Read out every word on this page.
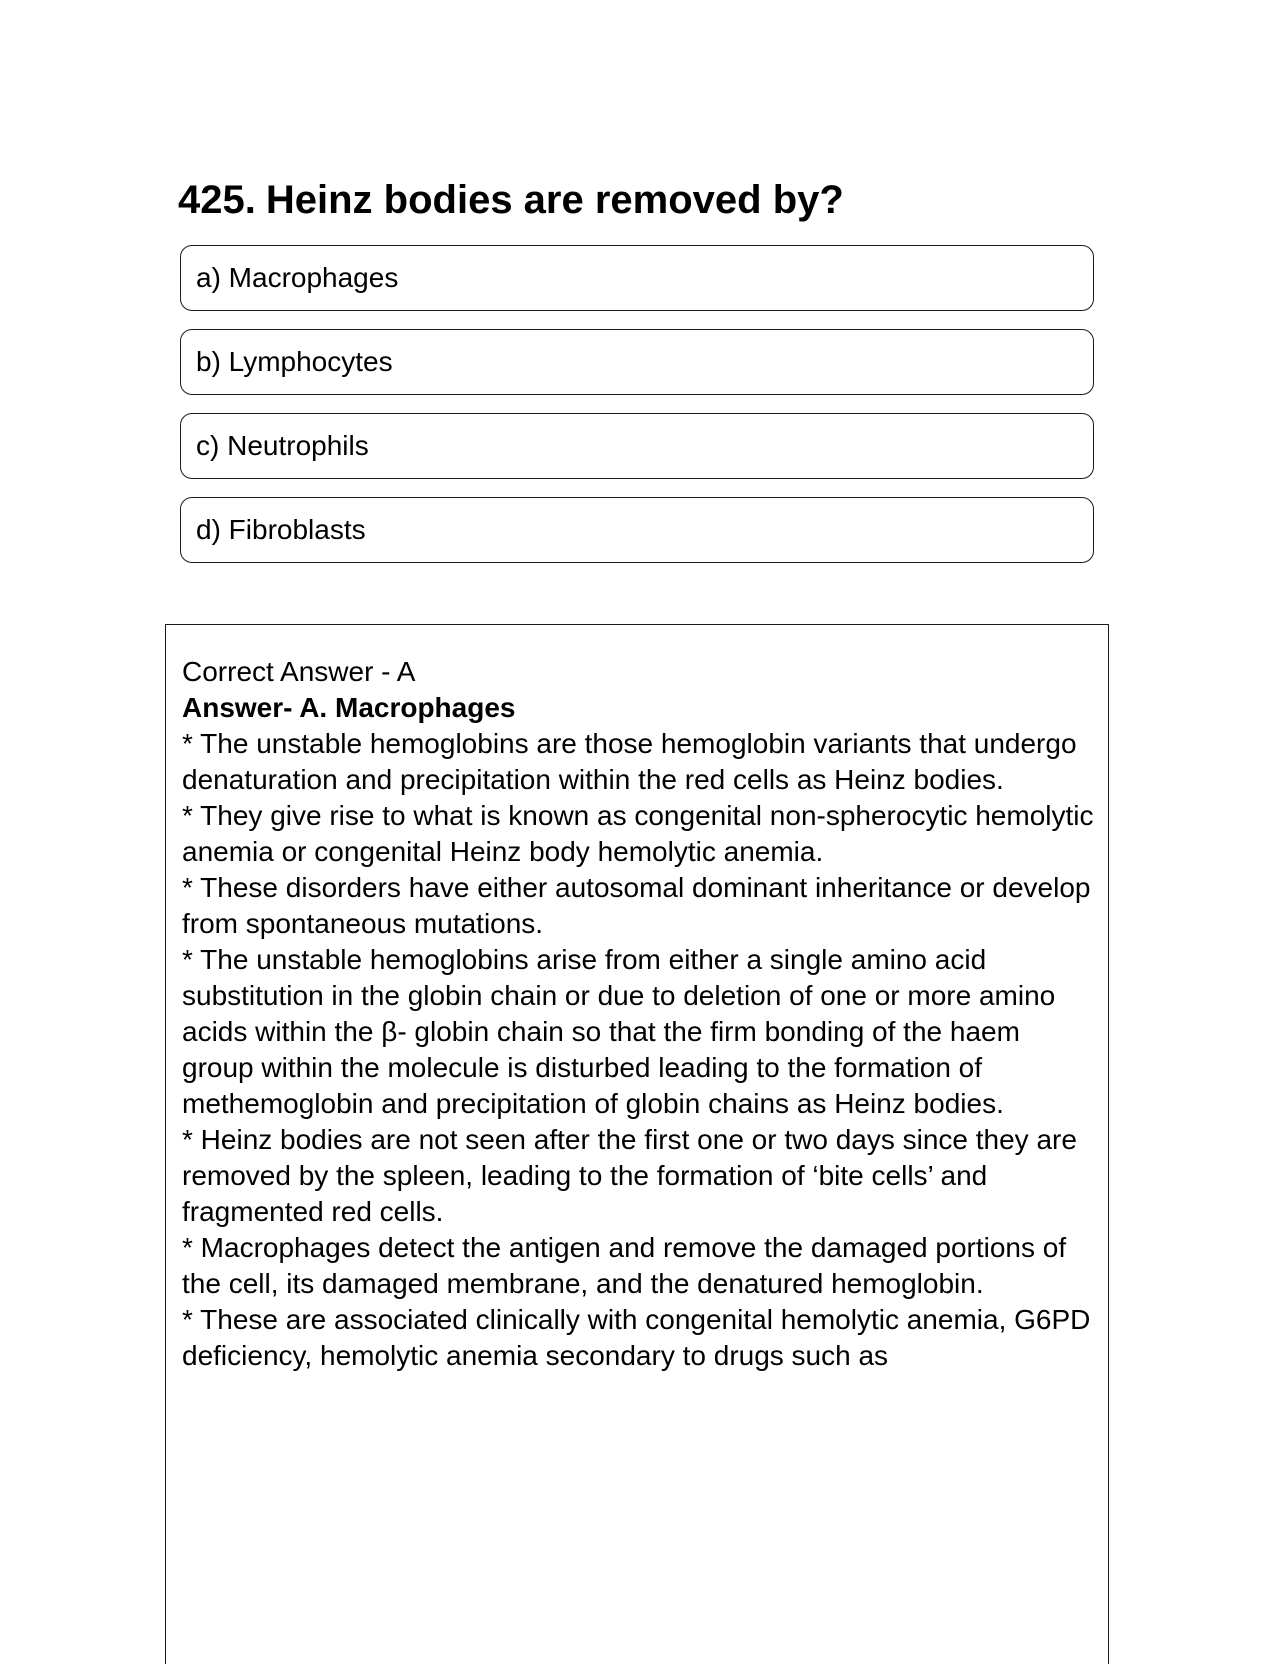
425. Heinz bodies are removed by?
a) Macrophages
b) Lymphocytes
c) Neutrophils
d) Fibroblasts

Correct Answer - A

Answer- A. Macrophages

* The unstable hemoglobins are those hemoglobin variants that undergo denaturation and precipitation within the red cells as Heinz bodies.

* They give rise to what is known as congenital non-spherocytic hemolytic anemia or congenital Heinz body hemolytic anemia.

* These disorders have either autosomal dominant inheritance or develop from spontaneous mutations.

* The unstable hemoglobins arise from either a single amino acid substitution in the globin chain or due to deletion of one or more amino acids within the β- globin chain so that the firm bonding of the haem group within the molecule is disturbed leading to the formation of methemoglobin and precipitation of globin chains as Heinz bodies.

* Heinz bodies are not seen after the first one or two days since they are removed by the spleen, leading to the formation of ‘bite cells’ and fragmented red cells.

* Macrophages detect the antigen and remove the damaged portions of the cell, its damaged membrane, and the denatured hemoglobin.

* These are associated clinically with congenital hemolytic anemia, G6PD deficiency, hemolytic anemia secondary to drugs such as
